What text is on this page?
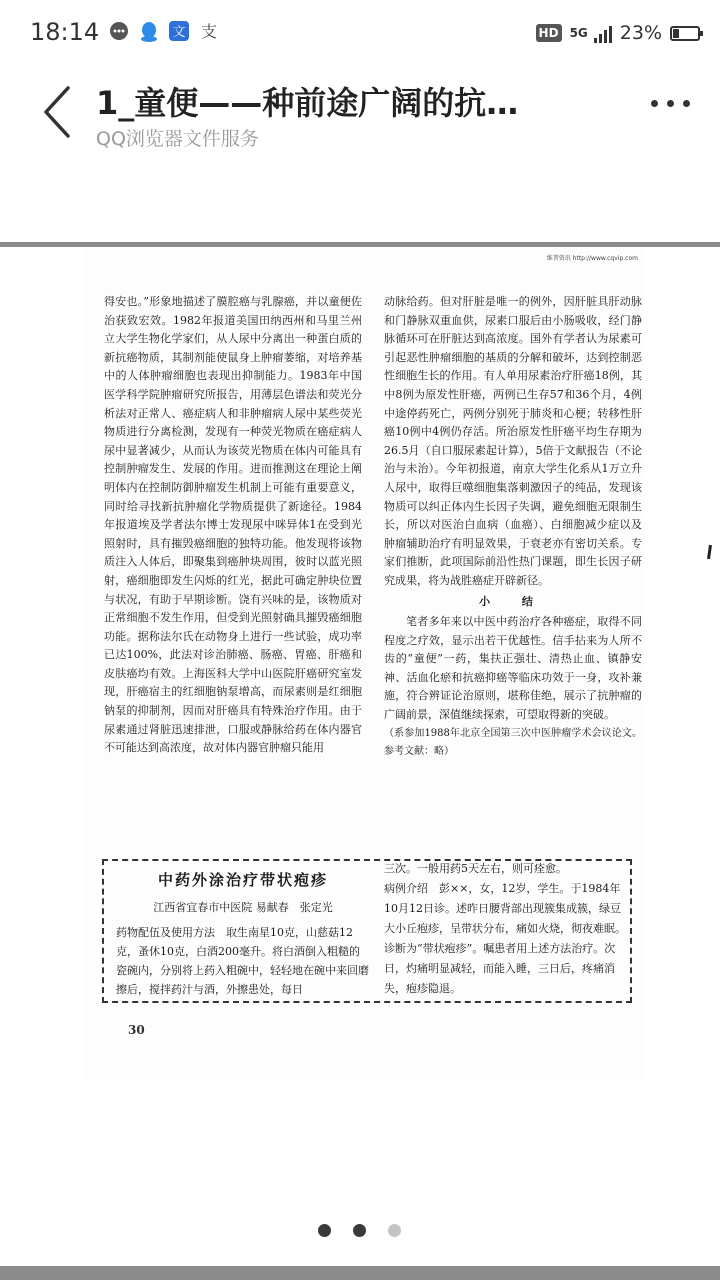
18:14	文 支	HD 5G 23%
1_童便——种前途广阔的抗…
QQ浏览器文件服务
维普资讯 http://www.cqvip.com

得安也。”形象地描述了膜腔癌与乳腺癌，并以童便佐治获致宏效。1982年报道美国田纳西州和马里兰州立大学生物化学家们，从人尿中分离出一种蛋白质的新抗癌物质，其制剂能使鼠身上肿瘤萎缩，对培养基中的人体肿瘤细胞也表现出抑制能力。1983年中国医学科学院肿瘤研究所报告，用薄层色谱法和荧光分析法对正常人、癌症病人和非肿瘤病人尿中某些荧光物质进行分离检测，发现有一种荧光物质在癌症病人尿中显著减少，从而认为该荧光物质在体内可能具有控制肿瘤发生、发展的作用。进而推测这在理论上阐明体内在控制防御肿瘤发生机制上可能有重要意义，同时给寻找新抗肿瘤化学物质提供了新途径。1984年报道埃及学者法尔博士发现尿中咪异体1在受到光照射时，具有摧毁癌细胞的独特功能。他发现将该物质注入人体后，即聚集到癌肿块周围，彼时以蓝光照射，癌细胞即发生闪烁的红光，据此可确定肿块位置与状况，有助于早期诊断。饶有兴味的是，该物质对正常细胞不发生作用，但受到光照射确具摧毁癌细胞功能。据称法尔氏在动物身上进行一些试验，成功率已达100%，此法对诊治肺癌、肠癌、胃癌、肝癌和皮肤癌均有效。上海医科大学中山医院肝癌研究室发现，肝癌宿主的红细胞钠泵增高，而尿素则是红细胞钠泵的抑制剂，因而对肝癌具有特殊治疗作用。由于尿素通过肾脏迅速排泄，口服或静脉给药在体内器官不可能达到高浓度，故对体内器官肿瘤只能用

动脉给药。但对肝脏是唯一的例外，因肝脏具肝动脉和门静脉双重血供，尿素口服后由小肠吸收，经门静脉循环可在肝脏达到高浓度。国外有学者认为尿素可引起恶性肿瘤细胞的基质的分解和破坏，达到控制恶性细胞生长的作用。有人单用尿素治疗肝癌18例，其中8例为原发性肝癌，两例已生存57和36个月，4例中途停药死亡，两例分别死于肺炎和心梗；转移性肝癌10例中4例仍存活。所治原发性肝癌平均生存期为26.5月（自口服尿素起计算），5倍于文献报告（不论治与未治）。今年初报道，南京大学生化系从1万立升人尿中，取得巨噬细胞集落刺激因子的纯品，发现该物质可以纠正体内生长因子失调，避免细胞无限制生长，所以对医治白血病（血癌）、白细胞减少症以及肿瘤辅助治疗有明显效果，于衰老亦有密切关系。专家们推断，此项国际前沿性热门课题，即生长因子研究成果，将为战胜癌症开辟新径。

小 结

笔者多年来以中医中药治疗各种癌症，取得不同程度之疗效，显示出若干优越性。信手拈来为人所不齿的“童便”一药，集扶正强壮、清热止血、镇静安神、活血化瘀和抗癌抑癌等临床功效于一身，攻补兼施，符合辨证论治原则，堪称佳绝，展示了抗肿瘤的广阔前景，深值继续探索，可望取得新的突破。

（系参加1988年北京全国第三次中医肿瘤学术会议论文。参考文献：略）

中药外涂治疗带状疱疹
江西省宜春市中医院 易献春　张定光
药物配伍及使用方法　取生南星10克，山慈菇12克，蚤休10克，白酒200毫升。将白酒倒入粗糙的瓷碗内，分别将上药入粗碗中，轻轻地在碗中来回磨擦后，搅拌药汁与酒，外擦患处，每日
三次。一般用药5天左右，则可痊愈。
病例介绍　彭××，女，12岁，学生。于1984年10月12日诊。述昨日腰背部出现簇集成簇，绿豆大小丘疱疹，呈带状分布，痛如火烧，彻夜难眠。诊断为“带状疱疹”。嘱患者用上述方法治疗。次日，灼痛明显减轻，而能入睡，三日后，疼痛消失，疱疹隐退。
30
